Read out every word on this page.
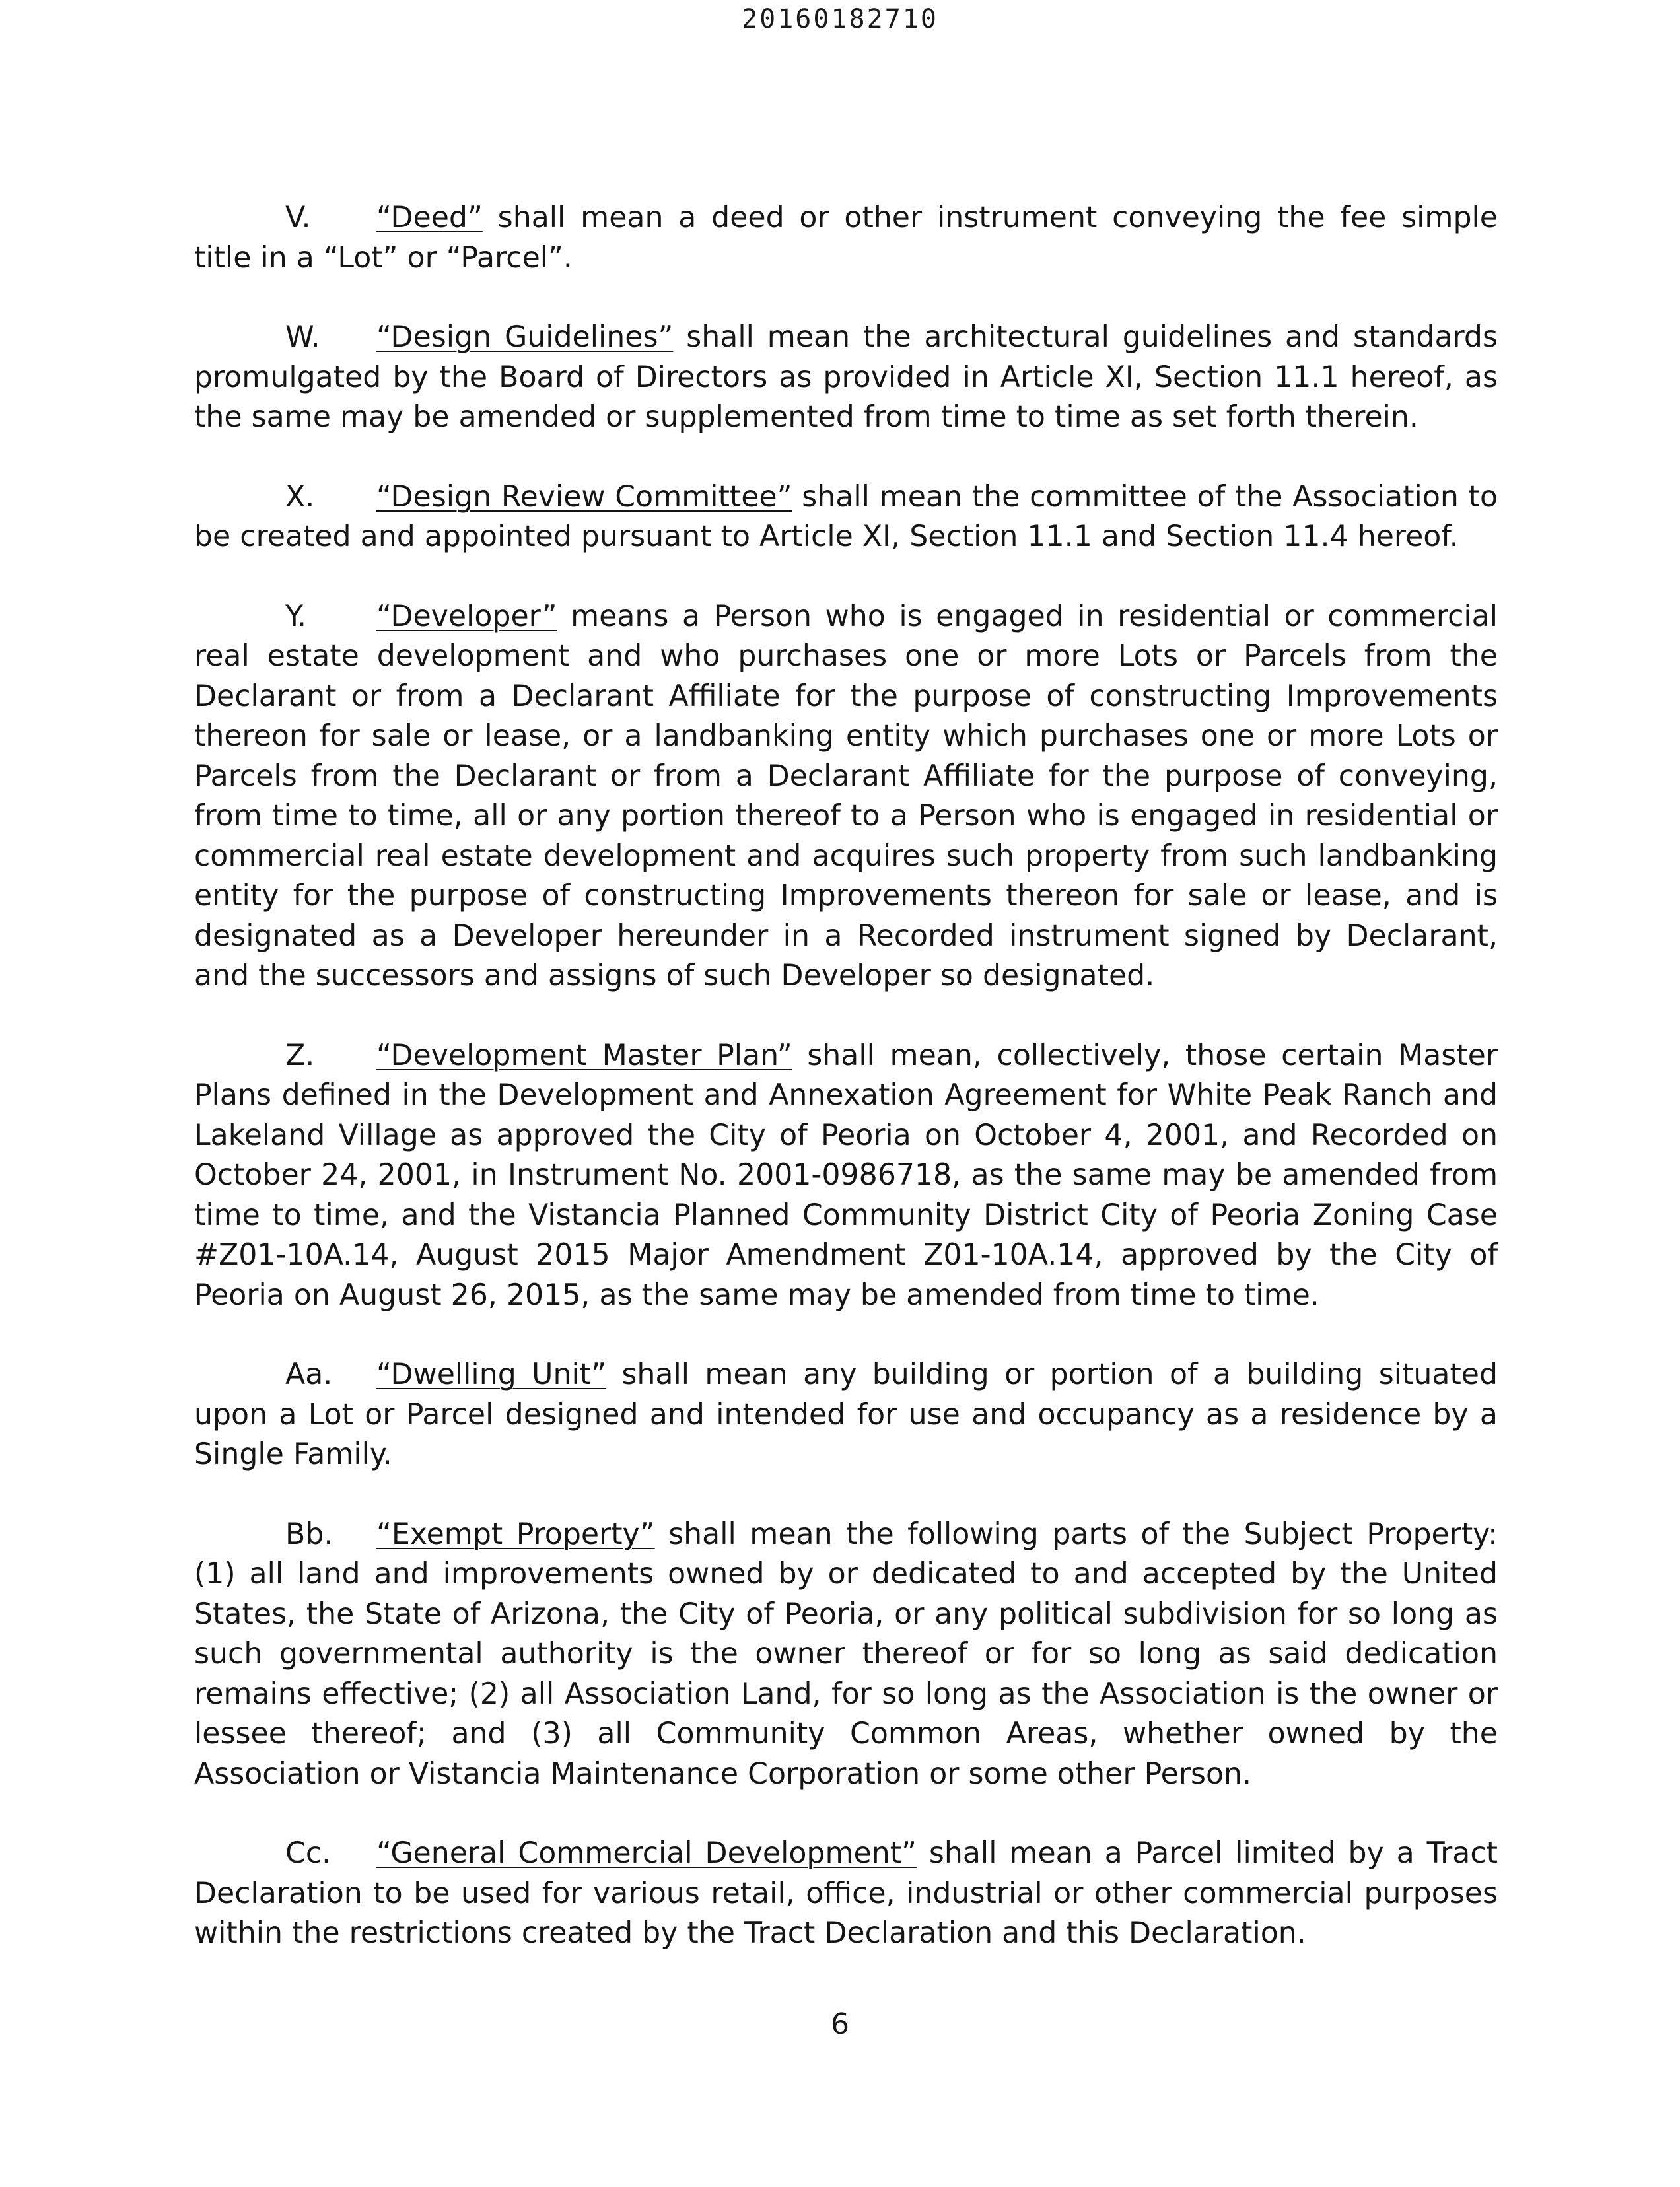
20160182710

V. “Deed” shall mean a deed or other instrument conveying the fee simple title in a “Lot” or “Parcel”.

W. “Design Guidelines” shall mean the architectural guidelines and standards promulgated by the Board of Directors as provided in Article XI, Section 11.1 hereof, as the same may be amended or supplemented from time to time as set forth therein.

X. “Design Review Committee” shall mean the committee of the Association to be created and appointed pursuant to Article XI, Section 11.1 and Section 11.4 hereof.

Y. “Developer” means a Person who is engaged in residential or commercial real estate development and who purchases one or more Lots or Parcels from the Declarant or from a Declarant Affiliate for the purpose of constructing Improvements thereon for sale or lease, or a landbanking entity which purchases one or more Lots or Parcels from the Declarant or from a Declarant Affiliate for the purpose of conveying, from time to time, all or any portion thereof to a Person who is engaged in residential or commercial real estate development and acquires such property from such landbanking entity for the purpose of constructing Improvements thereon for sale or lease, and is designated as a Developer hereunder in a Recorded instrument signed by Declarant, and the successors and assigns of such Developer so designated.

Z. “Development Master Plan” shall mean, collectively, those certain Master Plans defined in the Development and Annexation Agreement for White Peak Ranch and Lakeland Village as approved the City of Peoria on October 4, 2001, and Recorded on October 24, 2001, in Instrument No. 2001-0986718, as the same may be amended from time to time, and the Vistancia Planned Community District City of Peoria Zoning Case #Z01-10A.14, August 2015 Major Amendment Z01-10A.14, approved by the City of Peoria on August 26, 2015, as the same may be amended from time to time.

Aa. “Dwelling Unit” shall mean any building or portion of a building situated upon a Lot or Parcel designed and intended for use and occupancy as a residence by a Single Family.

Bb. “Exempt Property” shall mean the following parts of the Subject Property: (1) all land and improvements owned by or dedicated to and accepted by the United States, the State of Arizona, the City of Peoria, or any political subdivision for so long as such governmental authority is the owner thereof or for so long as said dedication remains effective; (2) all Association Land, for so long as the Association is the owner or lessee thereof; and (3) all Community Common Areas, whether owned by the Association or Vistancia Maintenance Corporation or some other Person.

Cc. “General Commercial Development” shall mean a Parcel limited by a Tract Declaration to be used for various retail, office, industrial or other commercial purposes within the restrictions created by the Tract Declaration and this Declaration.

6
